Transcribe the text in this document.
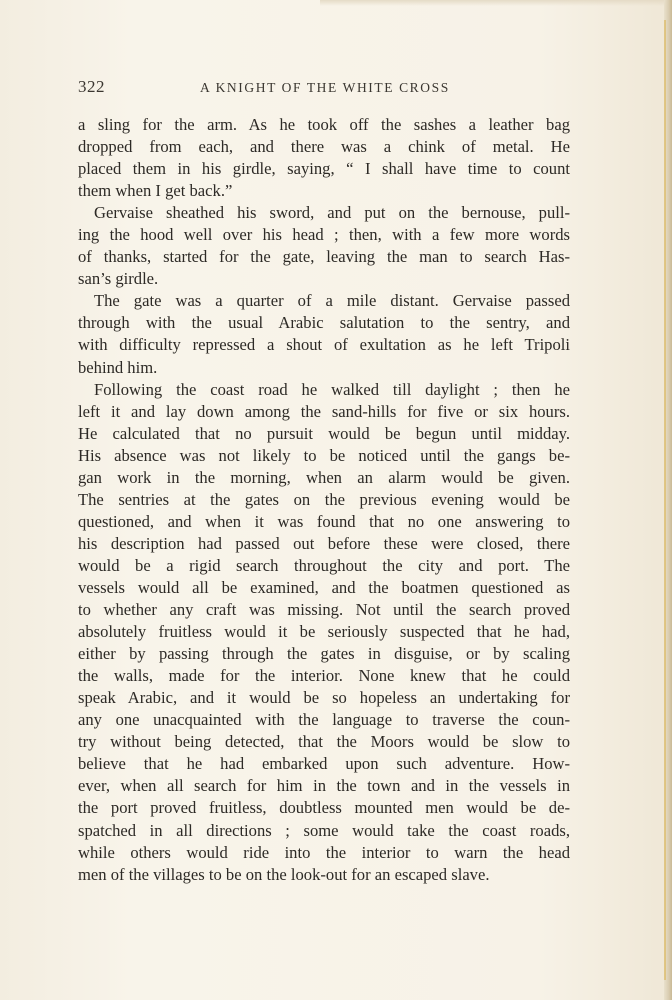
322	A KNIGHT OF THE WHITE CROSS
a sling for the arm. As he took off the sashes a leather bag
dropped from each, and there was a chink of metal. He
placed them in his girdle, saying, “ I shall have time to count
them when I get back.”
Gervaise sheathed his sword, and put on the bernouse, pull-
ing the hood well over his head ; then, with a few more words
of thanks, started for the gate, leaving the man to search Has-
san’s girdle.
The gate was a quarter of a mile distant. Gervaise passed
through with the usual Arabic salutation to the sentry, and
with difficulty repressed a shout of exultation as he left Tripoli
behind him.
Following the coast road he walked till daylight ; then he
left it and lay down among the sand-hills for five or six hours.
He calculated that no pursuit would be begun until midday.
His absence was not likely to be noticed until the gangs be-
gan work in the morning, when an alarm would be given.
The sentries at the gates on the previous evening would be
questioned, and when it was found that no one answering to
his description had passed out before these were closed, there
would be a rigid search throughout the city and port. The
vessels would all be examined, and the boatmen questioned as
to whether any craft was missing. Not until the search proved
absolutely fruitless would it be seriously suspected that he had,
either by passing through the gates in disguise, or by scaling
the walls, made for the interior. None knew that he could
speak Arabic, and it would be so hopeless an undertaking for
any one unacquainted with the language to traverse the coun-
try without being detected, that the Moors would be slow to
believe that he had embarked upon such adventure. How-
ever, when all search for him in the town and in the vessels in
the port proved fruitless, doubtless mounted men would be de-
spatched in all directions ; some would take the coast roads,
while others would ride into the interior to warn the head
men of the villages to be on the look-out for an escaped slave.
